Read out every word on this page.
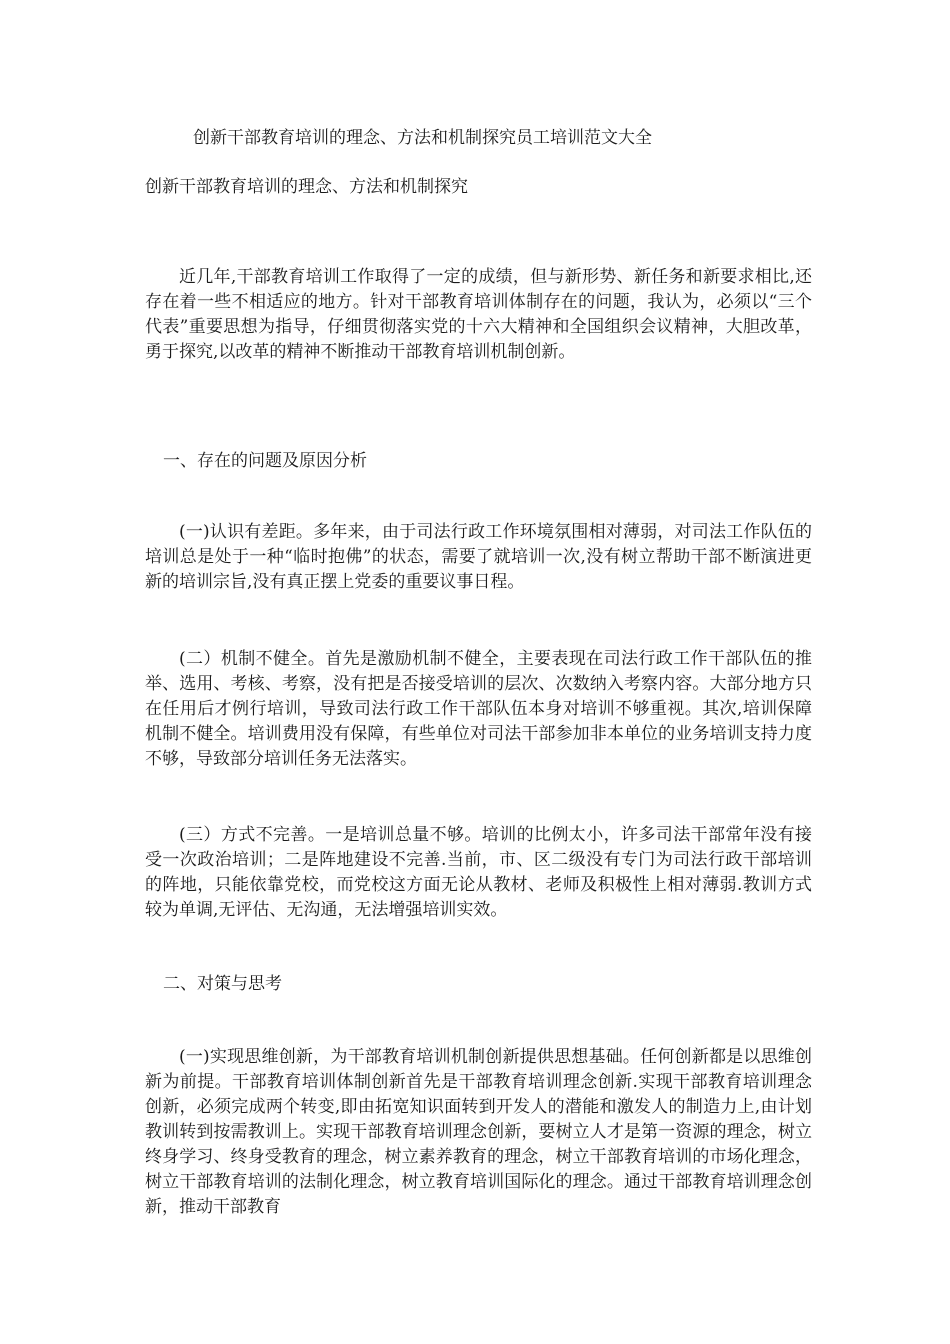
创新干部教育培训的理念、方法和机制探究员工培训范文大全
创新干部教育培训的理念、方法和机制探究

近几年,干部教育培训工作取得了一定的成绩，但与新形势、新任务和新要求相比,还存在着一些不相适应的地方。针对干部教育培训体制存在的问题，我认为，必须以“三个代表”重要思想为指导，仔细贯彻落实党的十六大精神和全国组织会议精神，大胆改革，勇于探究,以改革的精神不断推动干部教育培训机制创新。

一、存在的问题及原因分析

(一)认识有差距。多年来，由于司法行政工作环境氛围相对薄弱，对司法工作队伍的培训总是处于一种“临时抱佛”的状态，需要了就培训一次,没有树立帮助干部不断演进更新的培训宗旨,没有真正摆上党委的重要议事日程。

(二）机制不健全。首先是激励机制不健全，主要表现在司法行政工作干部队伍的推举、选用、考核、考察，没有把是否接受培训的层次、次数纳入考察内容。大部分地方只在任用后才例行培训，导致司法行政工作干部队伍本身对培训不够重视。其次,培训保障机制不健全。培训费用没有保障，有些单位对司法干部参加非本单位的业务培训支持力度不够，导致部分培训任务无法落实。

(三）方式不完善。一是培训总量不够。培训的比例太小，许多司法干部常年没有接受一次政治培训；二是阵地建设不完善.当前，市、区二级没有专门为司法行政干部培训的阵地，只能依靠党校，而党校这方面无论从教材、老师及积极性上相对薄弱.教训方式较为单调,无评估、无沟通，无法增强培训实效。

二、对策与思考

(一)实现思维创新，为干部教育培训机制创新提供思想基础。任何创新都是以思维创新为前提。干部教育培训体制创新首先是干部教育培训理念创新.实现干部教育培训理念创新，必须完成两个转变,即由拓宽知识面转到开发人的潜能和激发人的制造力上,由计划教训转到按需教训上。实现干部教育培训理念创新，要树立人才是第一资源的理念，树立终身学习、终身受教育的理念，树立素养教育的理念，树立干部教育培训的市场化理念，树立干部教育培训的法制化理念，树立教育培训国际化的理念。通过干部教育培训理念创新，推动干部教育
